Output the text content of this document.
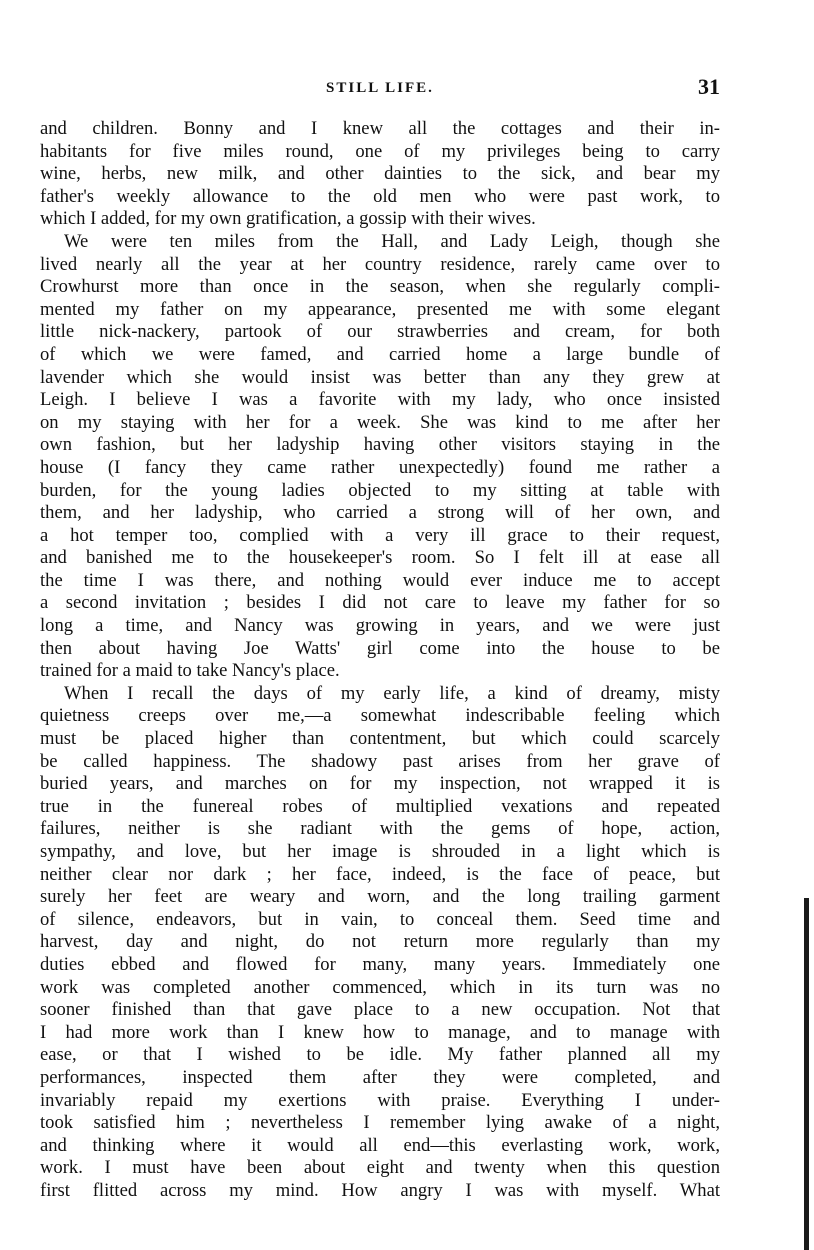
STILL LIFE.	31
and children. Bonny and I knew all the cottages and their in-
habitants for five miles round, one of my privileges being to carry
wine, herbs, new milk, and other dainties to the sick, and bear my
father's weekly allowance to the old men who were past work, to
which I added, for my own gratification, a gossip with their wives.
We were ten miles from the Hall, and Lady Leigh, though she
lived nearly all the year at her country residence, rarely came over to
Crowhurst more than once in the season, when she regularly compli-
mented my father on my appearance, presented me with some elegant
little nick-nackery, partook of our strawberries and cream, for both
of which we were famed, and carried home a large bundle of
lavender which she would insist was better than any they grew at
Leigh. I believe I was a favorite with my lady, who once insisted
on my staying with her for a week. She was kind to me after her
own fashion, but her ladyship having other visitors staying in the
house (I fancy they came rather unexpectedly) found me rather a
burden, for the young ladies objected to my sitting at table with
them, and her ladyship, who carried a strong will of her own, and
a hot temper too, complied with a very ill grace to their request,
and banished me to the housekeeper's room. So I felt ill at ease all
the time I was there, and nothing would ever induce me to accept
a second invitation ; besides I did not care to leave my father for so
long a time, and Nancy was growing in years, and we were just
then about having Joe Watts' girl come into the house to be
trained for a maid to take Nancy's place.
When I recall the days of my early life, a kind of dreamy, misty
quietness creeps over me,—a somewhat indescribable feeling which
must be placed higher than contentment, but which could scarcely
be called happiness. The shadowy past arises from her grave of
buried years, and marches on for my inspection, not wrapped it is
true in the funereal robes of multiplied vexations and repeated
failures, neither is she radiant with the gems of hope, action,
sympathy, and love, but her image is shrouded in a light which is
neither clear nor dark ; her face, indeed, is the face of peace, but
surely her feet are weary and worn, and the long trailing garment
of silence, endeavors, but in vain, to conceal them. Seed time and
harvest, day and night, do not return more regularly than my
duties ebbed and flowed for many, many years. Immediately one
work was completed another commenced, which in its turn was no
sooner finished than that gave place to a new occupation. Not that
I had more work than I knew how to manage, and to manage with
ease, or that I wished to be idle. My father planned all my
performances, inspected them after they were completed, and
invariably repaid my exertions with praise. Everything I under-
took satisfied him ; nevertheless I remember lying awake of a night,
and thinking where it would all end—this everlasting work, work,
work. I must have been about eight and twenty when this question
first flitted across my mind. How angry I was with myself. What
